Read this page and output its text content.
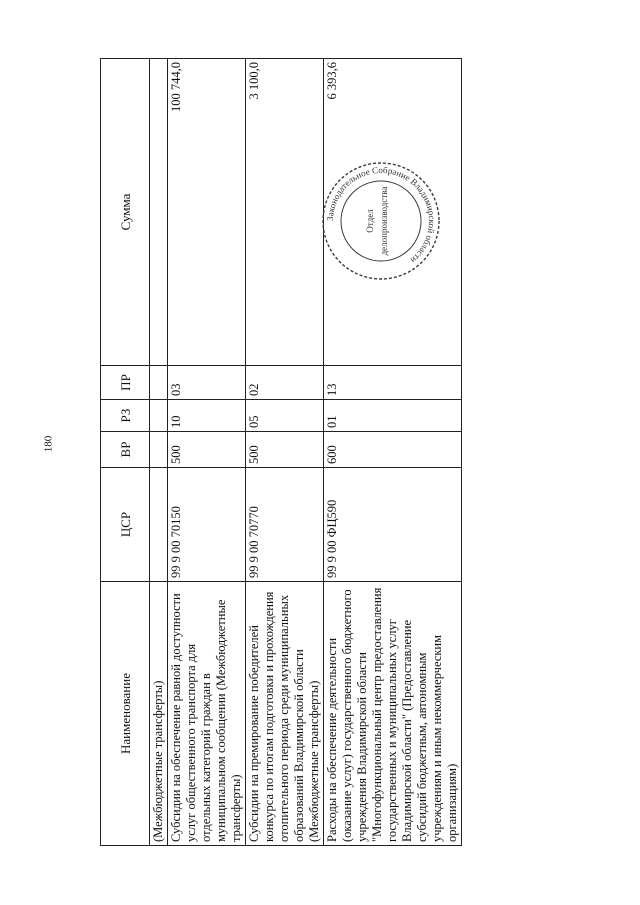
180
Наименование	ЦСР	ВР	РЗ	ПР	Сумма
(Межбюджетные трансферты)					
Субсидии на обеспечение равной доступности услуг общественного транспорта для отдельных категорий граждан в муниципальном сообщении (Межбюджетные трансферты)	99 9 00 70150	500	10	03	100 744,0
Субсидии на премирование победителей конкурса по итогам подготовки и прохождения отопительного периода среди муниципальных образований Владимирской области (Межбюджетные трансферты)	99 9 00 70770	500	05	02	3 100,0
Расходы на обеспечение деятельности (оказание услуг) государственного бюджетного учреждения Владимирской области "Многофункциональный центр предоставления государственных и муниципальных услуг Владимирской области" (Предоставление субсидий бюджетным, автономным учреждениям и иным некоммерческим организациям)	99 9 00 ФЦ590	600	01	13	6 393,6
Законодательное Собрание Владимирской области
Отдел делопроизводства
